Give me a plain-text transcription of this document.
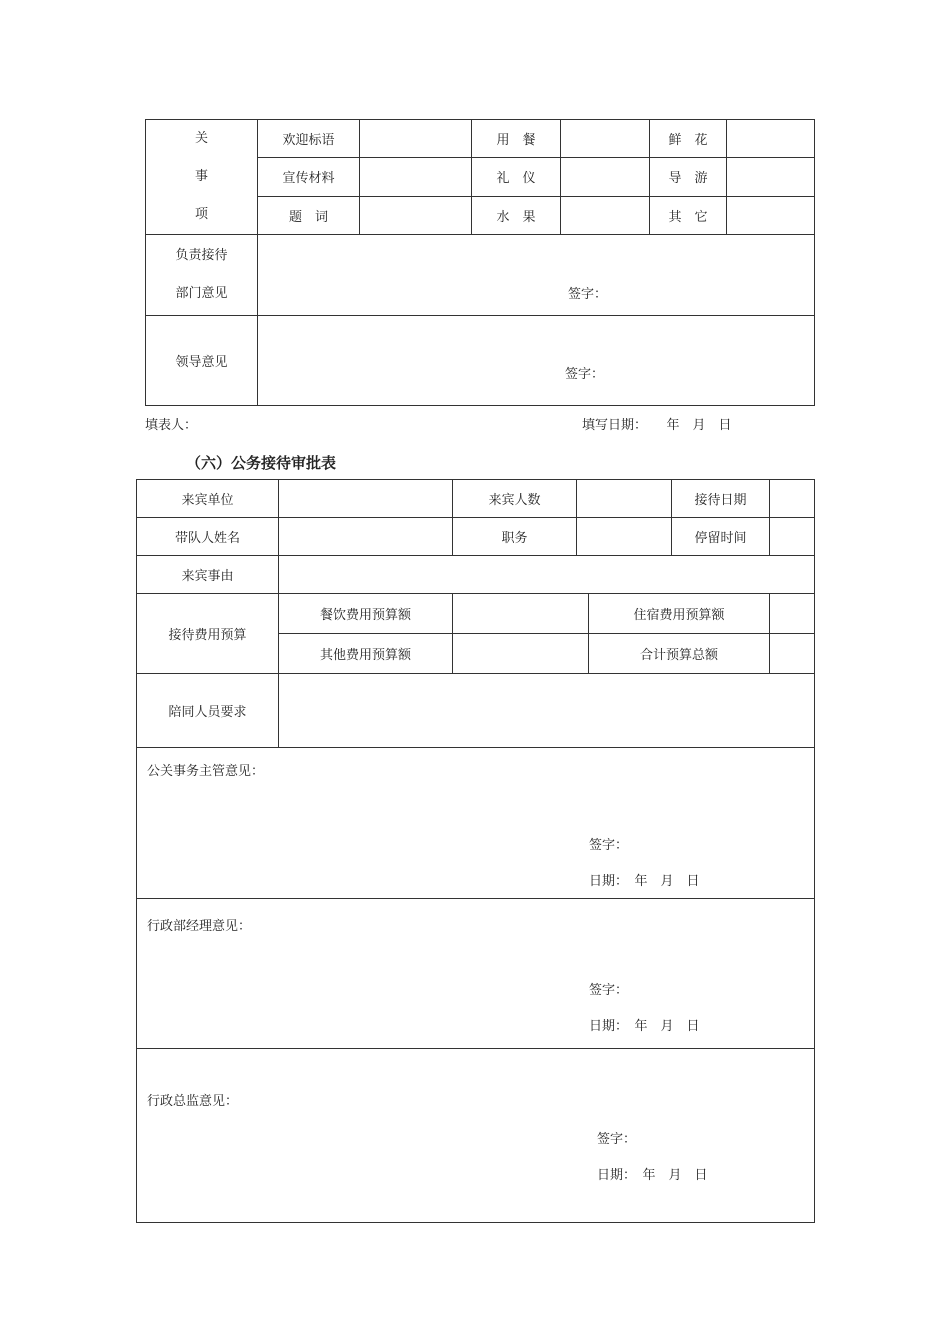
关
事
项	欢迎标语		用　餐		鲜　花	
	宣传材料		礼　仪		导　游	
	题　词		水　果		其　它	

负责接待
部门意见	签字：					

领导意见	签字：					
填表人：	填写日期：　　年　月　日
（六）公务接待审批表
来宾单位		来宾人数			接待日期	
带队人姓名		职务			停留时间	
来宾事由						
接待费用预算	餐饮费用预算额			住宿费用预算额		
	其他费用预算额			合计预算总额		
陪同人员要求						

公关事务主管意见：
签字：
日期：　年　月　日						

行政部经理意见：
签字：
日期：　年　月　日						

行政总监意见：
签字：
日期：　年　月　日						
